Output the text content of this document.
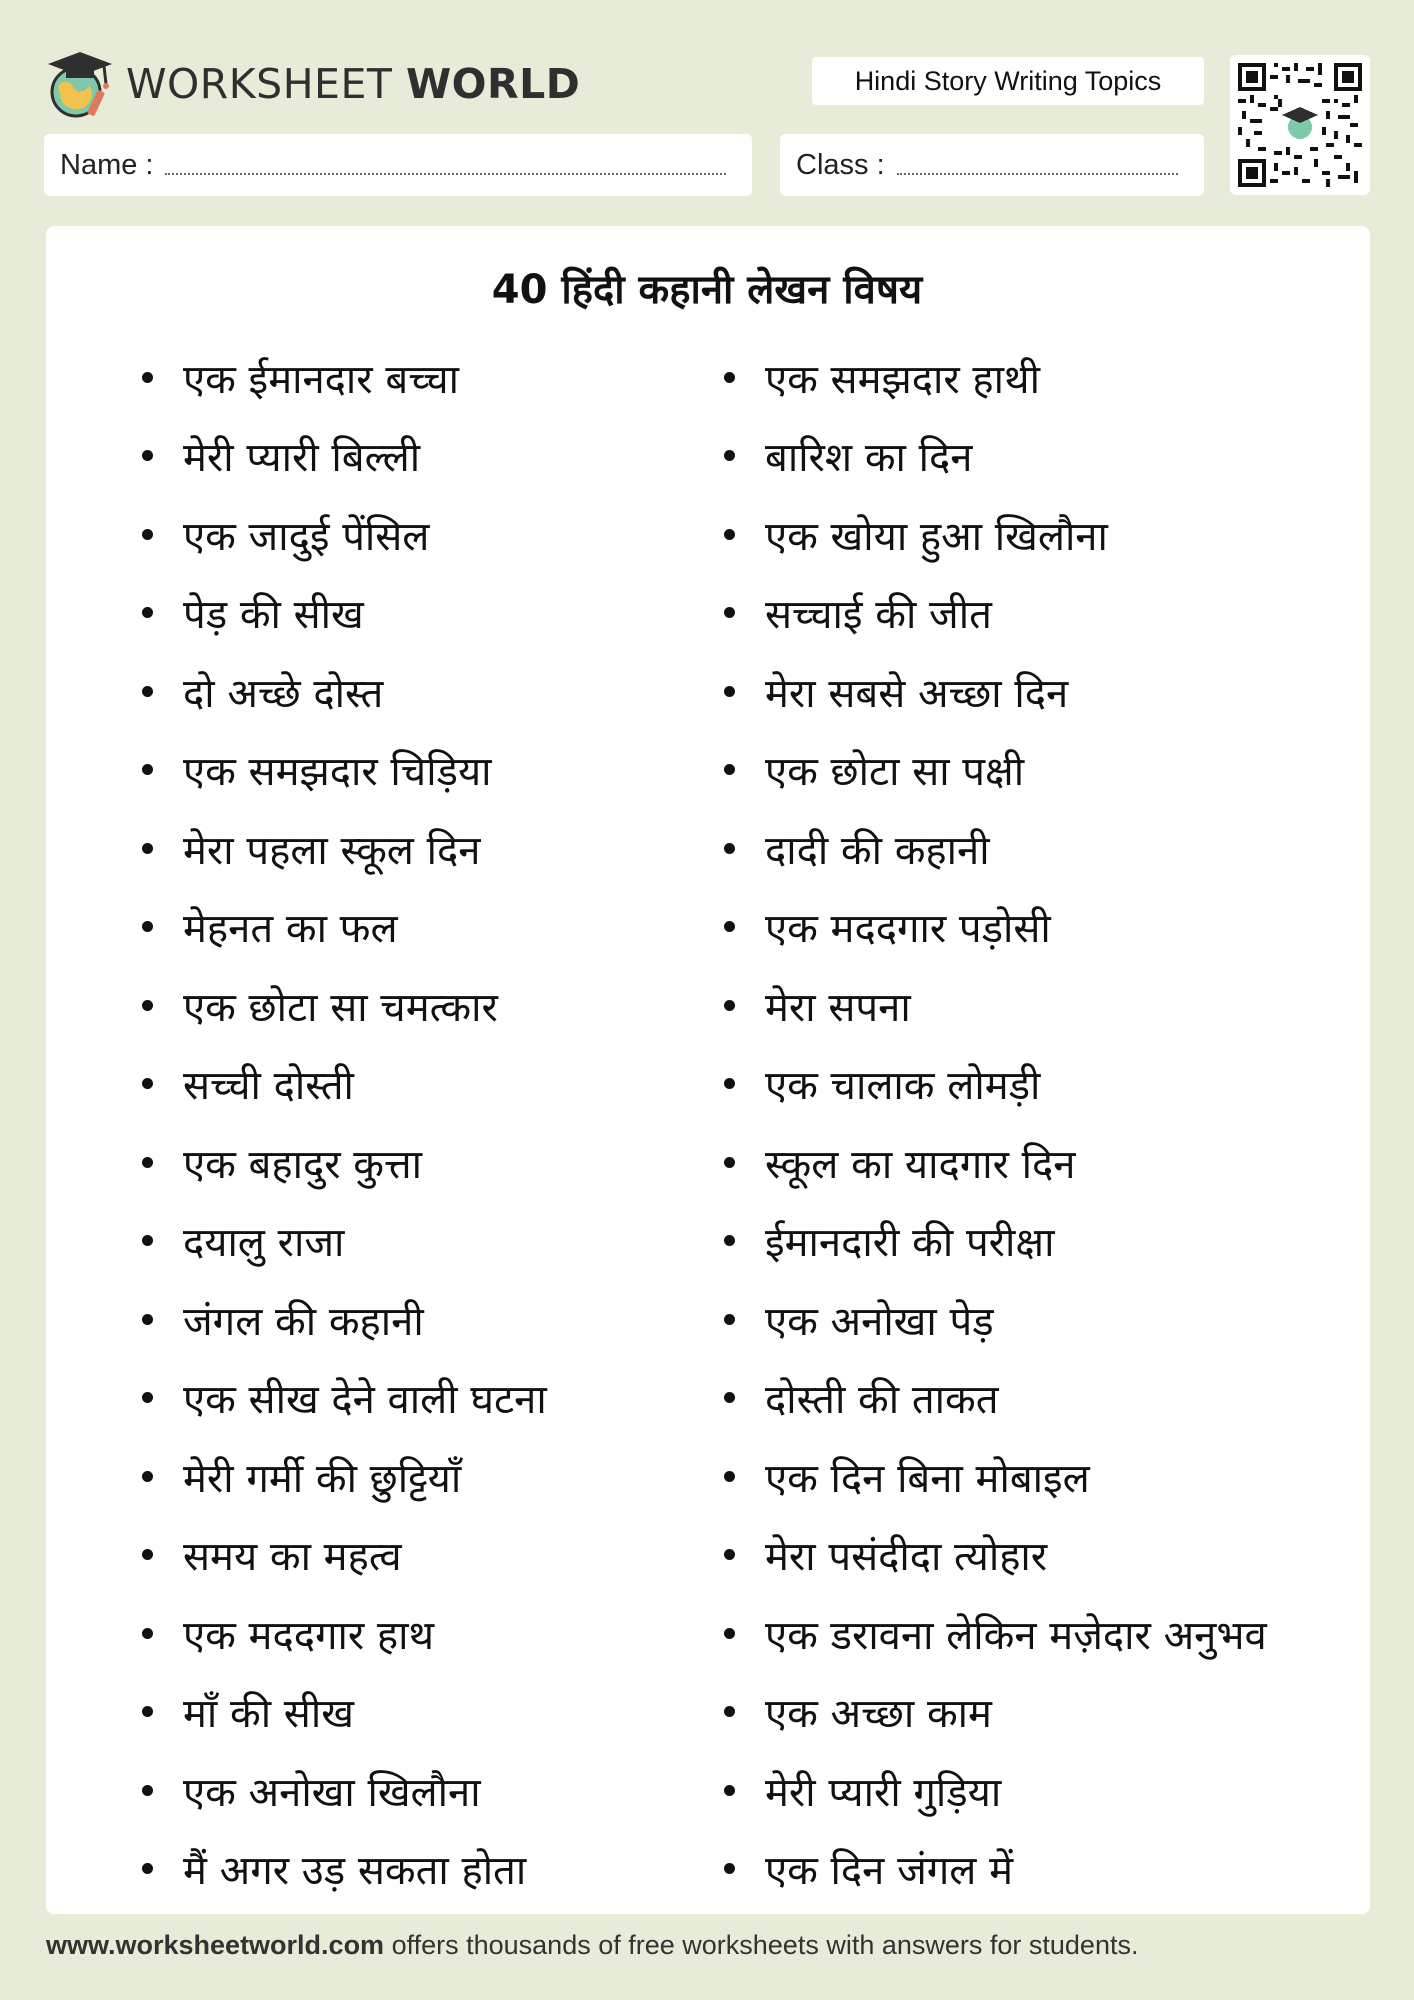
WORKSHEET WORLD	Hindi Story Writing Topics
Name :	Class :
40 हिंदी कहानी लेखन विषय
एक ईमानदार बच्चा
मेरी प्यारी बिल्ली
एक जादुई पेंसिल
पेड़ की सीख
दो अच्छे दोस्त
एक समझदार चिड़िया
मेरा पहला स्कूल दिन
मेहनत का फल
एक छोटा सा चमत्कार
सच्ची दोस्ती
एक बहादुर कुत्ता
दयालु राजा
जंगल की कहानी
एक सीख देने वाली घटना
मेरी गर्मी की छुट्टियाँ
समय का महत्व
एक मददगार हाथ
माँ की सीख
एक अनोखा खिलौना
मैं अगर उड़ सकता होता
एक समझदार हाथी
बारिश का दिन
एक खोया हुआ खिलौना
सच्चाई की जीत
मेरा सबसे अच्छा दिन
एक छोटा सा पक्षी
दादी की कहानी
एक मददगार पड़ोसी
मेरा सपना
एक चालाक लोमड़ी
स्कूल का यादगार दिन
ईमानदारी की परीक्षा
एक अनोखा पेड़
दोस्ती की ताकत
एक दिन बिना मोबाइल
मेरा पसंदीदा त्योहार
एक डरावना लेकिन मज़ेदार अनुभव
एक अच्छा काम
मेरी प्यारी गुड़िया
एक दिन जंगल में
www.worksheetworld.com offers thousands of free worksheets with answers for students.
